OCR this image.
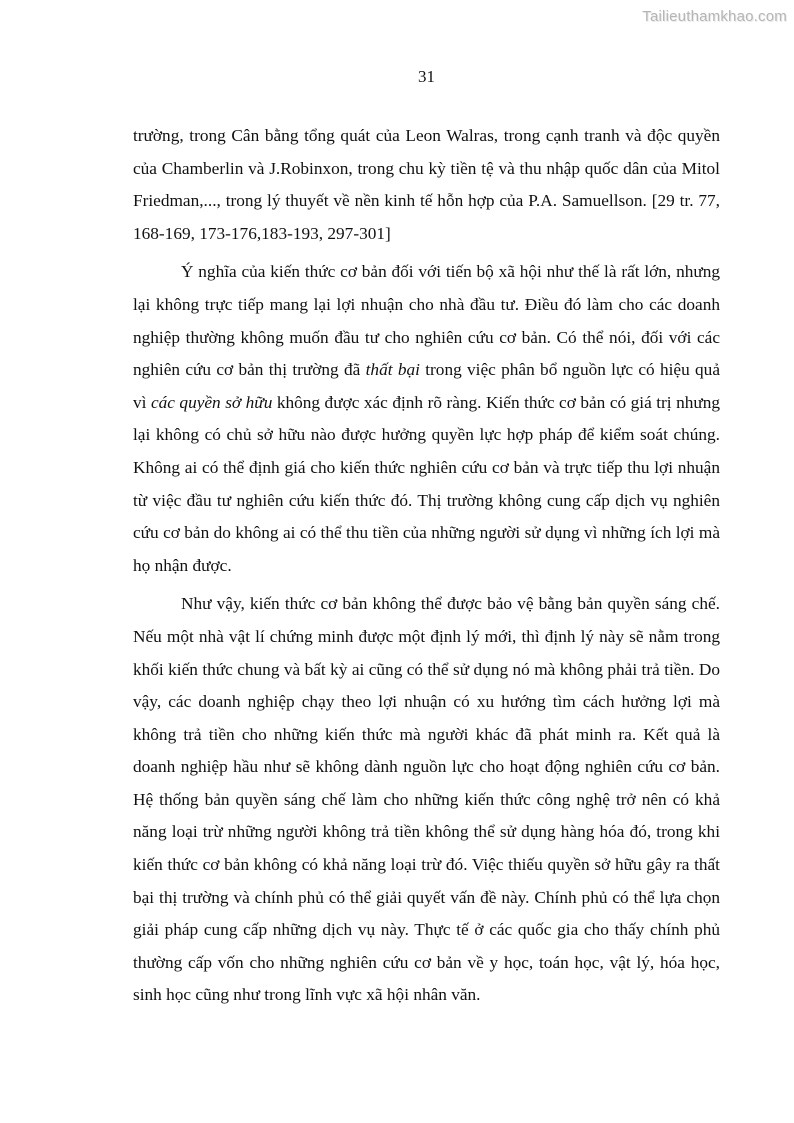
Tailieuthamkhao.com
31

trường, trong Cân bằng tổng quát của Leon Walras, trong cạnh tranh và độc quyền của Chamberlin và J.Robinxon, trong chu kỳ tiền tệ và thu nhập quốc dân của Mitol Friedman,..., trong lý thuyết về nền kinh tế hỗn hợp của P.A. Samuellson. [29 tr. 77, 168-169, 173-176,183-193, 297-301]

Ý nghĩa của kiến thức cơ bản đối với tiến bộ xã hội như thế là rất lớn, nhưng lại không trực tiếp mang lại lợi nhuận cho nhà đầu tư. Điều đó làm cho các doanh nghiệp thường không muốn đầu tư cho nghiên cứu cơ bản. Có thể nói, đối với các nghiên cứu cơ bản thị trường đã thất bại trong việc phân bổ nguồn lực có hiệu quả vì các quyền sở hữu không được xác định rõ ràng. Kiến thức cơ bản có giá trị nhưng lại không có chủ sở hữu nào được hưởng quyền lực hợp pháp để kiểm soát chúng. Không ai có thể định giá cho kiến thức nghiên cứu cơ bản và trực tiếp thu lợi nhuận từ việc đầu tư nghiên cứu kiến thức đó. Thị trường không cung cấp dịch vụ nghiên cứu cơ bản do không ai có thể thu tiền của những người sử dụng vì những ích lợi mà họ nhận được.

Như vậy, kiến thức cơ bản không thể được bảo vệ bằng bản quyền sáng chế. Nếu một nhà vật lí chứng minh được một định lý mới, thì định lý này sẽ nằm trong khối kiến thức chung và bất kỳ ai cũng có thể sử dụng nó mà không phải trả tiền. Do vậy, các doanh nghiệp chạy theo lợi nhuận có xu hướng tìm cách hưởng lợi mà không trả tiền cho những kiến thức mà người khác đã phát minh ra. Kết quả là doanh nghiệp hầu như sẽ không dành nguồn lực cho hoạt động nghiên cứu cơ bản. Hệ thống bản quyền sáng chế làm cho những kiến thức công nghệ trở nên có khả năng loại trừ những người không trả tiền không thể sử dụng hàng hóa đó, trong khi kiến thức cơ bản không có khả năng loại trừ đó. Việc thiếu quyền sở hữu gây ra thất bại thị trường và chính phủ có thể giải quyết vấn đề này. Chính phủ có thể lựa chọn giải pháp cung cấp những dịch vụ này. Thực tế ở các quốc gia cho thấy chính phủ thường cấp vốn cho những nghiên cứu cơ bản về y học, toán học, vật lý, hóa học, sinh học cũng như trong lĩnh vực xã hội nhân văn.
